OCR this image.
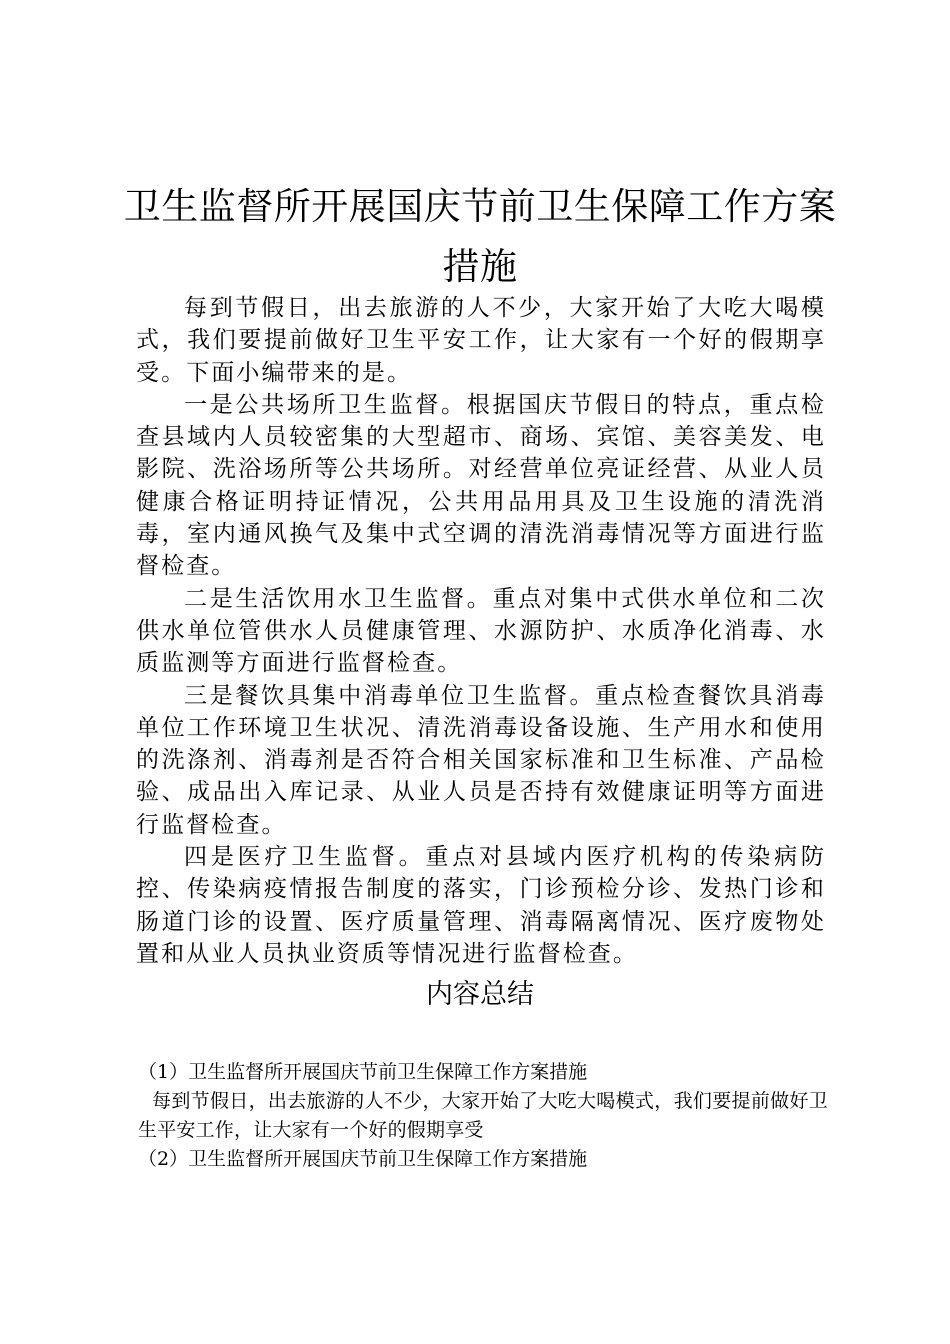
卫生监督所开展国庆节前卫生保障工作方案
措施

每到节假日，出去旅游的人不少，大家开始了大吃大喝模式，我们要提前做好卫生平安工作，让大家有一个好的假期享受。下面小编带来的是。

一是公共场所卫生监督。根据国庆节假日的特点，重点检查县域内人员较密集的大型超市、商场、宾馆、美容美发、电影院、洗浴场所等公共场所。对经营单位亮证经营、从业人员健康合格证明持证情况，公共用品用具及卫生设施的清洗消毒，室内通风换气及集中式空调的清洗消毒情况等方面进行监督检查。

二是生活饮用水卫生监督。重点对集中式供水单位和二次供水单位管供水人员健康管理、水源防护、水质净化消毒、水质监测等方面进行监督检查。

三是餐饮具集中消毒单位卫生监督。重点检查餐饮具消毒单位工作环境卫生状况、清洗消毒设备设施、生产用水和使用的洗涤剂、消毒剂是否符合相关国家标准和卫生标准、产品检验、成品出入库记录、从业人员是否持有效健康证明等方面进行监督检查。

四是医疗卫生监督。重点对县域内医疗机构的传染病防控、传染病疫情报告制度的落实，门诊预检分诊、发热门诊和肠道门诊的设置、医疗质量管理、消毒隔离情况、医疗废物处置和从业人员执业资质等情况进行监督检查。

内容总结

（1）卫生监督所开展国庆节前卫生保障工作方案措施

每到节假日，出去旅游的人不少，大家开始了大吃大喝模式，我们要提前做好卫生平安工作，让大家有一个好的假期享受

（2）卫生监督所开展国庆节前卫生保障工作方案措施
